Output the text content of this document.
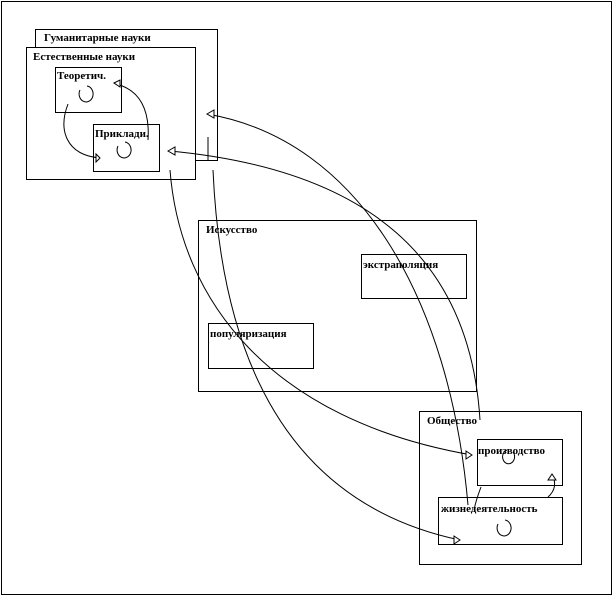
Гуманитарные науки
Естественные науки
Теоретич.
Приклади.
Искусство
экстраполяция
популяризация
Общество
производство
жизнедеятельность
